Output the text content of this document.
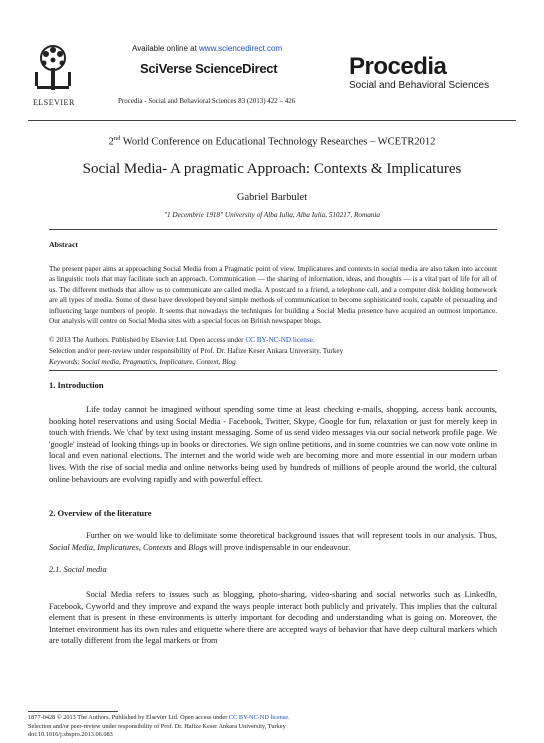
ELSEVIER
Available online at www.sciencedirect.com
SciVerse ScienceDirect
Procedia - Social and Behavioral Sciences 83 (2013) 422 – 426
Procedia
Social and Behavioral Sciences
2nd World Conference on Educational Technology Researches – WCETR2012
Social Media- A pragmatic Approach: Contexts & Implicatures
Gabriel Barbulet
"1 Decembrie 1918" University of Alba Iulia, Alba Iulia, 510217, Romania
Abstract
The present paper aims at approaching Social Media from a Pragmatic point of view. Implicatures and contexts in social media are also taken into account as linguistic tools that may facilitate such an approach. Communication — the sharing of information, ideas, and thoughts — is a vital part of life for all of us. The different methods that allow us to communicate are called media. A postcard to a friend, a telephone call, and a computer disk holding homework are all types of media. Some of these have developed beyond simple methods of communication to become sophisticated tools, capable of persuading and influencing large numbers of people. It seems that nowadays the techniques for building a Social Media presence have acquired an outmost importance. Our analysis will centre on Social Media sites with a special focus on British newspaper blogs.
© 2013 The Authors. Published by Elsevier Ltd. Open access under CC BY-NC-ND license.
Selection and/or peer-review under responsibility of Prof. Dr. Hafize Keser Ankara University, Turkey
Keywords: Social media, Pragmatics, Implicature, Context, Blog
1. Introduction
Life today cannot be imagined without spending some time at least checking e-mails, shopping, access bank accounts, booking hotel reservations and using Social Media - Facebook, Twitter, Skype, Google for fun, relaxation or just for merely keep in touch with friends. We 'chat' by text using instant messaging. Some of us send video messages via our social network profile page. We 'google' instead of looking things up in books or directories. We sign online petitions, and in some countries we can now vote online in local and even national elections. The internet and the world wide web are becoming more and more essential in our modern urban lives. With the rise of social media and online networks being used by hundreds of millions of people around the world, the cultural online behaviours are evolving rapidly and with powerful effect.
2. Overview of the literature
Further on we would like to delimitate some theoretical background issues that will represent tools in our analysis. Thus, Social Media, Implicatures, Contexts and Blogs will prove indispensable in our endeavour.
2.1. Social media
Social Media refers to issues such as blogging, photo-sharing, video-sharing and social networks such as LinkedIn, Facebook, Cyworld and they improve and expand the ways people interact both publicly and privately. This implies that the cultural element that is present in these environments is utterly important for decoding and understanding what is going on. Moreover, the Internet environment has its own rules and etiquette where there are accepted ways of behavior that have deep cultural markers which are totally different from the legal markers or from
1877-0428 © 2013 The Authors. Published by Elsevier Ltd. Open access under CC BY-NC-ND license.
Selection and/or peer-review under responsibility of Prof. Dr. Hafize Keser Ankara University, Turkey
doi:10.1016/j.sbspro.2013.06.083
